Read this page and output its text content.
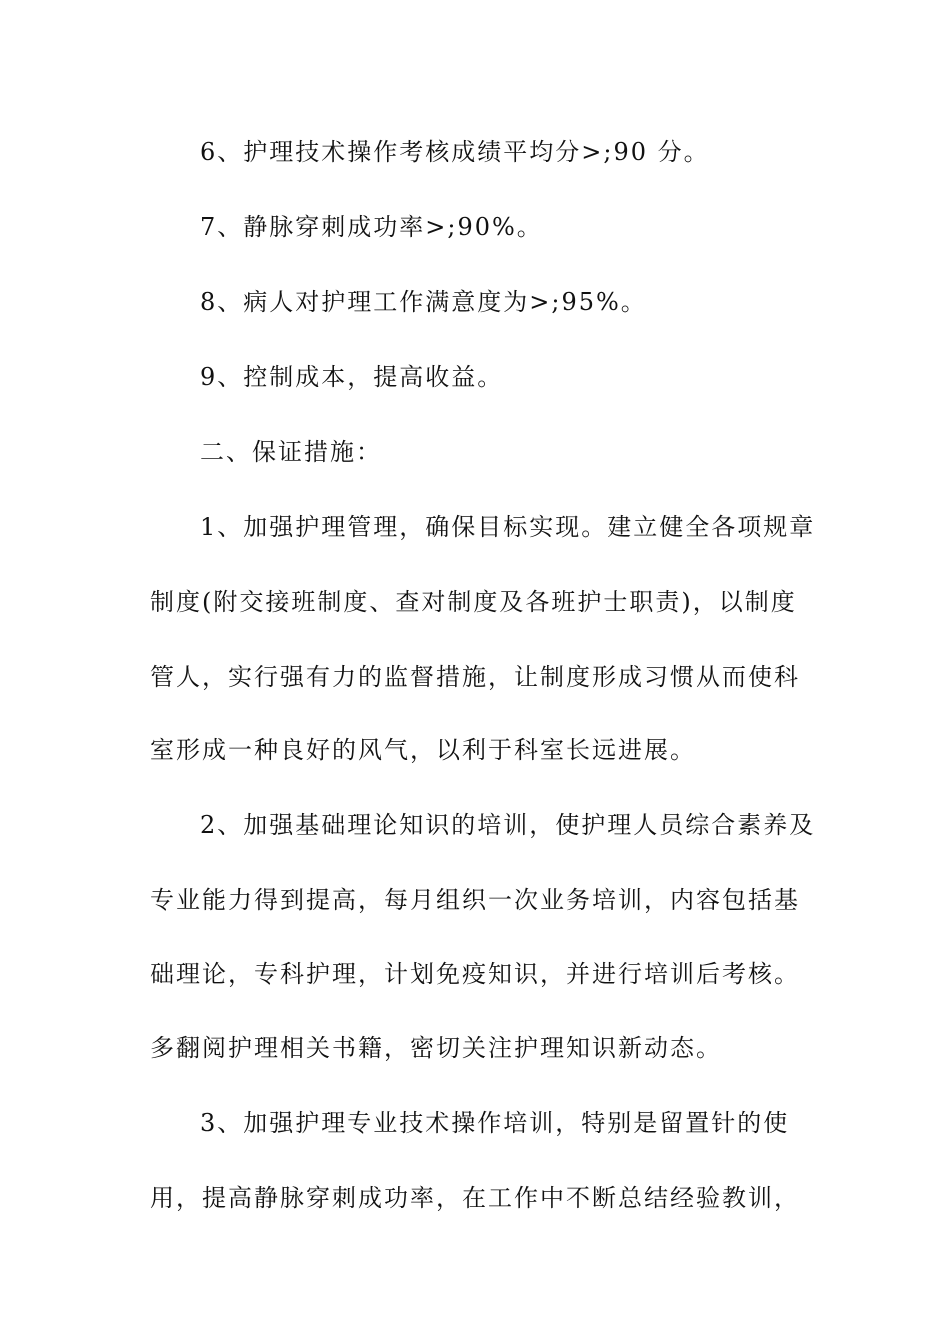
6、护理技术操作考核成绩平均分>;90 分。
7、静脉穿刺成功率>;90%。
8、病人对护理工作满意度为>;95%。
9、控制成本，提高收益。
二、保证措施：
1、加强护理管理，确保目标实现。建立健全各项规章
制度(附交接班制度、查对制度及各班护士职责)，以制度
管人，实行强有力的监督措施，让制度形成习惯从而使科
室形成一种良好的风气，以利于科室长远进展。
2、加强基础理论知识的培训，使护理人员综合素养及
专业能力得到提高，每月组织一次业务培训，内容包括基
础理论，专科护理，计划免疫知识，并进行培训后考核。
多翻阅护理相关书籍，密切关注护理知识新动态。
3、加强护理专业技术操作培训，特别是留置针的使
用，提高静脉穿刺成功率，在工作中不断总结经验教训，
